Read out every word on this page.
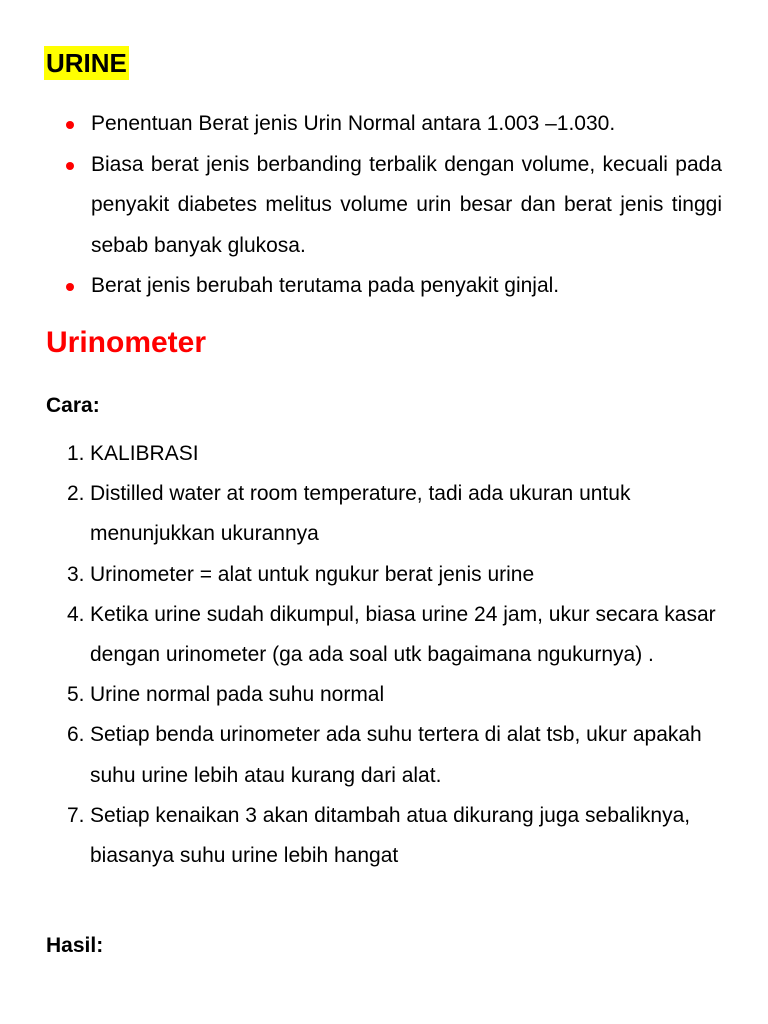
URINE
Penentuan Berat jenis Urin Normal antara 1.003 –1.030.
Biasa berat jenis berbanding terbalik dengan volume, kecuali pada penyakit diabetes melitus volume urin besar dan berat jenis tinggi sebab banyak glukosa.
Berat jenis berubah terutama pada penyakit ginjal.
Urinometer

Cara:

1. KALIBRASI
2. Distilled water at room temperature, tadi ada ukuran untuk menunjukkan ukurannya
3. Urinometer = alat untuk ngukur berat jenis urine
4. Ketika urine sudah dikumpul, biasa urine 24 jam, ukur secara kasar dengan urinometer (ga ada soal utk bagaimana ngukurnya) .
5. Urine normal pada suhu normal
6. Setiap benda urinometer ada suhu tertera di alat tsb, ukur apakah suhu urine lebih atau kurang dari alat.
7. Setiap kenaikan 3 akan ditambah atua dikurang juga sebaliknya, biasanya suhu urine lebih hangat

Hasil:
